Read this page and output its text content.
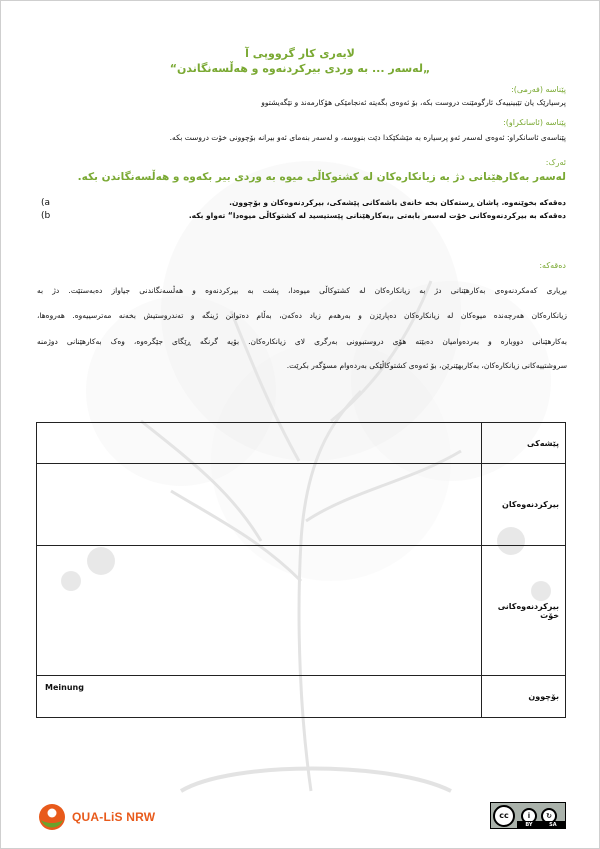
لایەری کار گرووپی آ
“لەسەر ... بە وردی بیرکردنەوە و هەڵسەنگاندن„
پێناسە (فەرمی):
پرسیارێک یان تێبینییەک ئارگومێنت دروست بکە، بۆ ئەوەی بگەیتە ئەنجامێکی هۆکارمەند و تێگەیشتوو
پێناسە (ئاسانکراو):
پێناسەی ئاسانکراو: ئەوەی لەسەر ئەو پرسیارە بە مێشکێکدا دێت بنووسە، و لەسەر بنەمای ئەو بیرانە بۆچوونی خۆت دروست بکە.
ئەرک:
لەسەر بەکارهێنانی دژ بە زیانکارەکان لە کشتوکاڵی میوە بە وردی بیر بکەوە و هەڵسەنگاندن بکە.
دەقەکە بخوێنەوە. پاشان ڕستەکان بخە خانەی باشەکانی پێشەکی، بیرکردنەوەکان و بۆچوون.
a)
دەقەکە بە بیرکردنەوەکانی خۆت لەسەر بابەتی „بەکارهێنانی پێستیسید لە کشتوکاڵی میوەدا“ تەواو بکە.
b)
دەقەکە:
بڕیاری کەمکردنەوەی بەکارهێنانی دژ بە زیانکارەکان لە کشتوکاڵی میوەدا، پشت بە بیرکردنەوە و هەڵسەنگاندنی جیاواز دەبەستێت. دژ بە
زیانکارەکان هەرچەندە میوەکان لە زیانکارەکان دەپارێزن و بەرهەم زیاد دەکەن، بەڵام دەتوانن ژینگە و تەندروستیش بخەنە مەترسییەوە. هەروەها،
بەکارهێنانی دووبارە و بەردەوامیان دەبێتە هۆی دروستبوونی بەرگری لای زیانکارەکان. بۆیە گرنگە ڕێگای جێگرەوە، وەک بەکارهێنانی دوژمنە
سروشتییەکانی زیانکارەکان، بەکاربهێنرێن، بۆ ئەوەی کشتوکاڵێکی بەردەوام مسۆگەر بکرێت.
	پێشەکی
	بیرکردنەوەکان
	بیرکردنەوەکانی خۆت
Meinung	بۆچوون
QUA-LiS NRW	cc	i	↻
BY	SA
